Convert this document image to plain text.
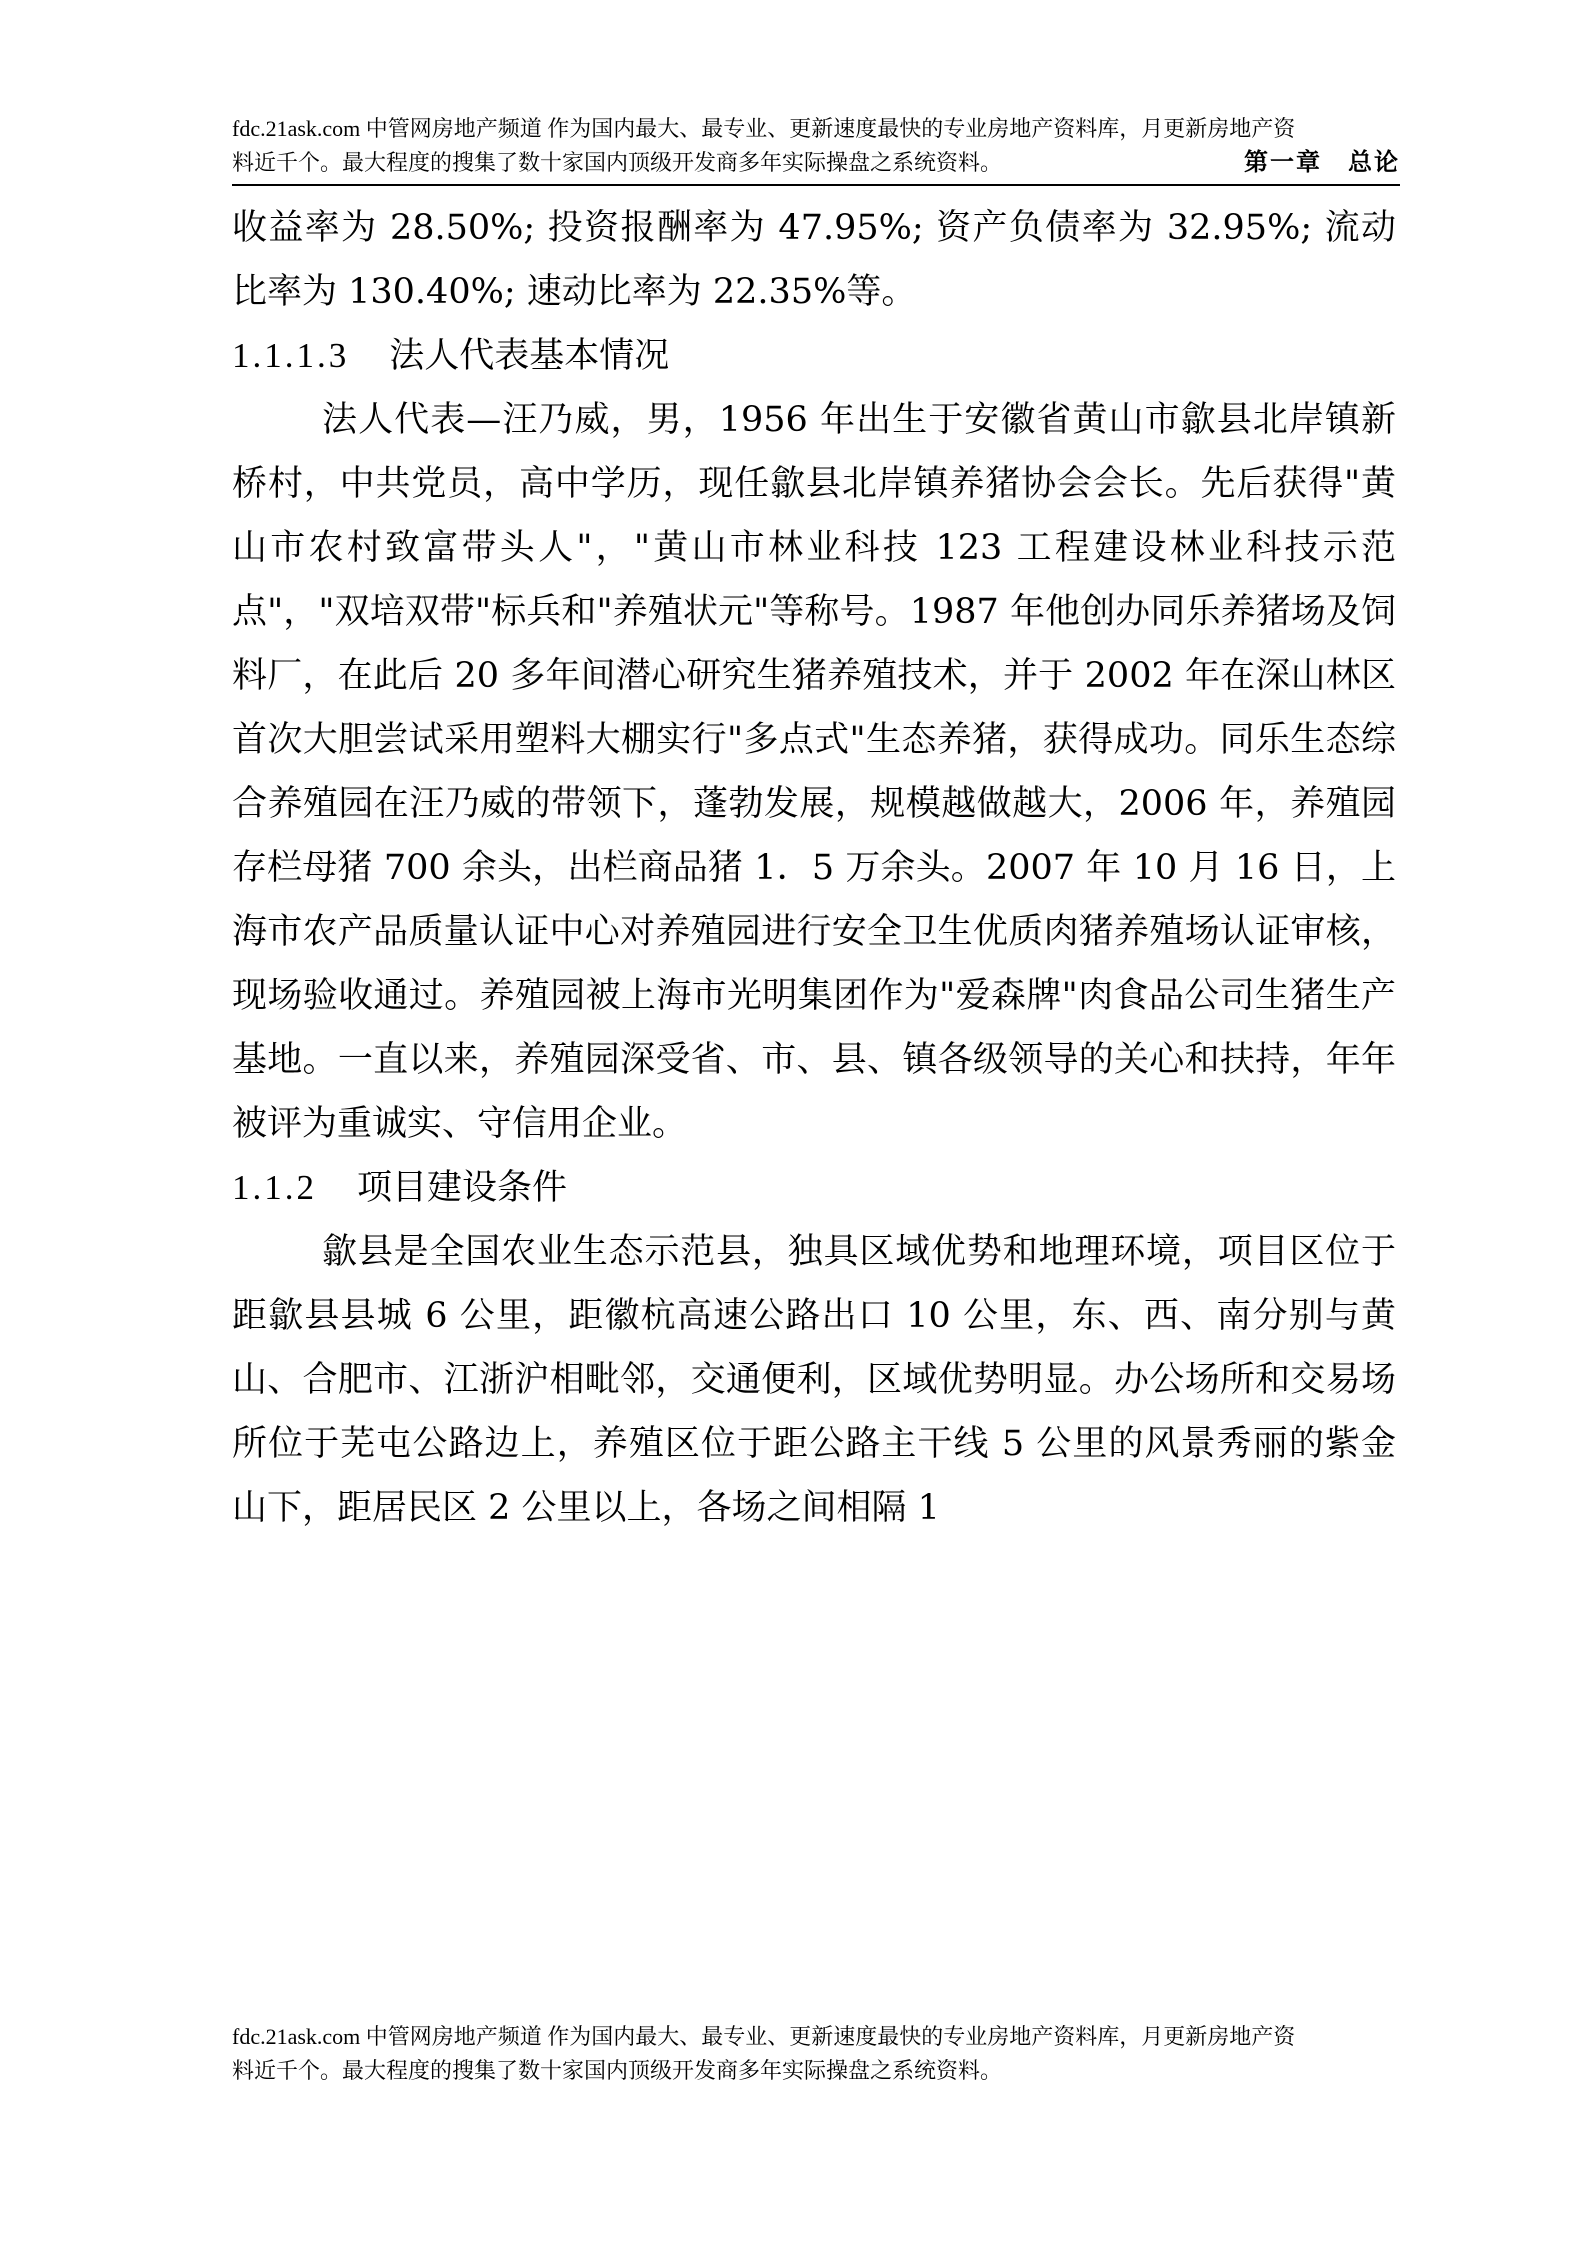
fdc.21ask.com 中管网房地产频道 作为国内最大、最专业、更新速度最快的专业房地产资料库，月更新房地产资
料近千个。最大程度的搜集了数十家国内顶级开发商多年实际操盘之系统资料。	第一章　总论

收益率为 28.50%; 投资报酬率为 47.95%; 资产负债率为 32.95%; 流动比率为 130.40%; 速动比率为 22.35%等。

1.1.1.3 法人代表基本情况

法人代表—汪乃威，男，1956 年出生于安徽省黄山市歙县北岸镇新桥村，中共党员，高中学历，现任歙县北岸镇养猪协会会长。先后获得"黄山市农村致富带头人"，"黄山市林业科技 123 工程建设林业科技示范点"，"双培双带"标兵和"养殖状元"等称号。1987 年他创办同乐养猪场及饲料厂，在此后 20 多年间潜心研究生猪养殖技术，并于 2002 年在深山林区首次大胆尝试采用塑料大棚实行"多点式"生态养猪，获得成功。同乐生态综合养殖园在汪乃威的带领下，蓬勃发展，规模越做越大，2006 年，养殖园存栏母猪 700 余头，出栏商品猪 1．5 万余头。2007 年 10 月 16 日，上海市农产品质量认证中心对养殖园进行安全卫生优质肉猪养殖场认证审核，现场验收通过。养殖园被上海市光明集团作为"爱森牌"肉食品公司生猪生产基地。一直以来，养殖园深受省、市、县、镇各级领导的关心和扶持，年年被评为重诚实、守信用企业。

1.1.2 项目建设条件

歙县是全国农业生态示范县，独具区域优势和地理环境，项目区位于距歙县县城 6 公里，距徽杭高速公路出口 10 公里，东、西、南分别与黄山、合肥市、江浙沪相毗邻，交通便利，区域优势明显。办公场所和交易场所位于芜屯公路边上，养殖区位于距公路主干线 5 公里的风景秀丽的紫金山下，距居民区 2 公里以上，各场之间相隔 1

fdc.21ask.com 中管网房地产频道 作为国内最大、最专业、更新速度最快的专业房地产资料库，月更新房地产资
料近千个。最大程度的搜集了数十家国内顶级开发商多年实际操盘之系统资料。
